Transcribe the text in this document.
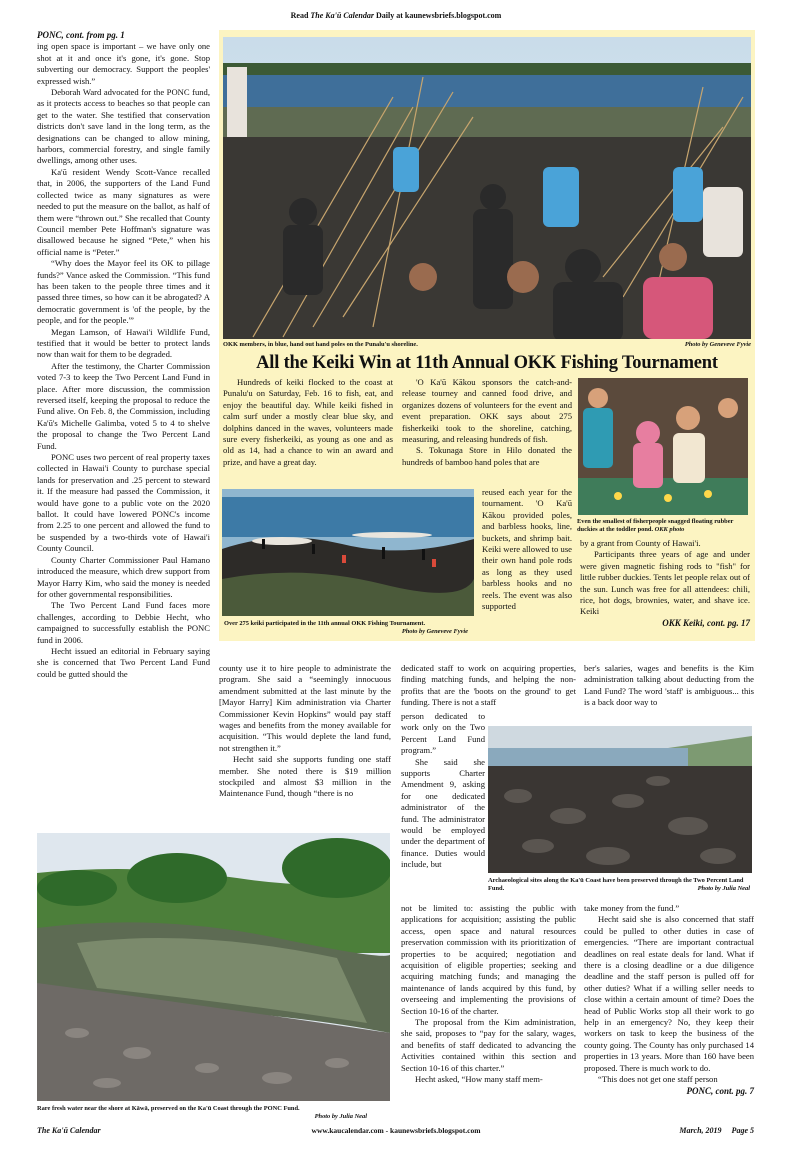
Read The Ka'ū Calendar Daily at kaunewsbriefs.blogspot.com
PONC, cont. from pg. 1

ing open space is important – we have only one shot at it and once it's gone, it's gone. Stop subverting our democracy. Support the peoples' expressed wish.”

Deborah Ward advocated for the PONC fund, as it protects access to beaches so that people can get to the water. She testified that conservation districts don't save land in the long term, as the designations can be changed to allow mining, harbors, commercial forestry, and single family dwellings, among other uses.

Ka'ū resident Wendy Scott-Vance recalled that, in 2006, the supporters of the Land Fund collected twice as many signatures as were needed to put the measure on the ballot, as half of them were “thrown out.” She recalled that County Council member Pete Hoffman's signature was disallowed because he signed “Pete,” when his official name is “Peter.”

“Why does the Mayor feel its OK to pillage funds?” Vance asked the Commission. “This fund has been taken to the people three times and it passed three times, so how can it be abrogated? A democratic government is 'of the people, by the people, and for the people.'”

Megan Lamson, of Hawai'i Wildlife Fund, testified that it would be better to protect lands now than wait for them to be degraded.

After the testimony, the Charter Commission voted 7-3 to keep the Two Percent Land Fund in place. After more discussion, the commission reversed itself, keeping the proposal to reduce the Fund alive. On Feb. 8, the Commission, including Ka'ū's Michelle Galimba, voted 5 to 4 to shelve the proposal to change the Two Percent Land Fund.

PONC uses two percent of real property taxes collected in Hawai'i County to purchase special lands for preservation and .25 percent to steward it. If the measure had passed the Commission, it would have gone to a public vote on the 2020 ballot. It could have lowered PONC's income from 2.25 to one percent and allowed the fund to be suspended by a two-thirds vote of Hawai'i County Council.

County Charter Commissioner Paul Hamano introduced the measure, which drew support from Mayor Harry Kim, who said the money is needed for other governmental responsibilities.

The Two Percent Land Fund faces more challenges, according to Debbie Hecht, who campaigned to successfully establish the PONC fund in 2006.

Hecht issued an editorial in February saying she is concerned that Two Percent Land Fund could be gutted should the

OKK members, in blue, hand out hand poles on the Punalu'u shoreline.	Photo by Geneveve Fyvie
All the Keiki Win at 11th Annual OKK Fishing Tournament

Hundreds of keiki flocked to the coast at Punalu'u on Saturday, Feb. 16 to fish, eat, and enjoy the beautiful day. While keiki fished in calm surf under a mostly clear blue sky, and dolphins danced in the waves, volunteers made sure every fisherkeiki, as young as one and as old as 14, had a chance to win an award and prize, and have a great day.

'O Ka'ū Kākou sponsors the catch-and-release tourney and canned food drive, and organizes dozens of volunteers for the event and event preparation. OKK says about 275 fisherkeiki took to the shoreline, catching, measuring, and releasing hundreds of fish.

S. Tokunaga Store in Hilo donated the hundreds of bamboo hand poles that are

reused each year for the tournament. 'O Ka'ū Kākou provided poles, and barbless hooks, line, buckets, and shrimp bait. Keiki were allowed to use their own hand pole rods as long as they used barbless hooks and no reels. The event was also supported

Over 275 keiki participated in the 11th annual OKK Fishing Tournament.
Photo by Geneveve Fyvie
Even the smallest of fisherpeople snagged floating rubber duckies at the toddler pond. OKK photo

by a grant from County of Hawai'i.

Participants three years of age and under were given magnetic fishing rods to "fish" for little rubber duckies. Tents let people relax out of the sun. Lunch was free for all attendees: chili, rice, hot dogs, brownies, water, and shave ice. Keiki

OKK Keiki, cont. pg. 17

county use it to hire people to administrate the program. She said a “seemingly innocuous amendment submitted at the last minute by the [Mayor Harry] Kim administration via Charter Commissioner Kevin Hopkins” would pay staff wages and benefits from the money available for acquisition. “This would deplete the land fund, not strengthen it.”

Hecht said she supports funding one staff member. She noted there is $19 million stockpiled and almost $3 million in the Maintenance Fund, though “there is no

dedicated staff to work on acquiring properties, finding matching funds, and helping the non-profits that are the 'boots on the ground' to get funding. There is not a staff

person dedicated to work only on the Two Percent Land Fund program.”

She said she supports Charter Amendment 9, asking for one dedicated administrator of the fund. The administrator would be employed under the department of finance. Duties would include, but

not be limited to: assisting the public with applications for acquisition; assisting the public access, open space and natural resources preservation commission with its prioritization of properties to be acquired; negotiation and acquisition of eligible properties; seeking and acquiring matching funds; and managing the maintenance of lands acquired by this fund, by overseeing and implementing the provisions of Section 10-16 of the charter.

The proposal from the Kim administration, she said, proposes to “pay for the salary, wages, and benefits of staff dedicated to advancing the Activities contained within this section and Section 10-16 of this charter.”

Hecht asked, “How many staff mem-

ber's salaries, wages and benefits is the Kim administration talking about deducting from the Land Fund? The word 'staff' is ambiguous... this is a back door way to

Archaeological sites along the Ka'ū Coast have been preserved through the Two Percent Land Fund.	Photo by Julia Neal

take money from the fund.”

Hecht said she is also concerned that staff could be pulled to other duties in case of emergencies. “There are important contractual deadlines on real estate deals for land. What if there is a closing deadline or a due diligence deadline and the staff person is pulled off for other duties? What if a willing seller needs to close within a certain amount of time? Does the head of Public Works stop all their work to go help in an emergency? No, they keep their workers on task to keep the business of the county going. The County has only purchased 14 properties in 13 years. More than 160 have been proposed. There is much work to do.

“This does not get one staff person

PONC, cont. pg. 7
Rare fresh water near the shore at Kāwā, preserved on the Ka'ū Coast through the PONC Fund.

Photo by Julia Neal
The Ka'ū Calendar	www.kaucalendar.com - kaunewsbriefs.blogspot.com	March, 2019     Page 5
